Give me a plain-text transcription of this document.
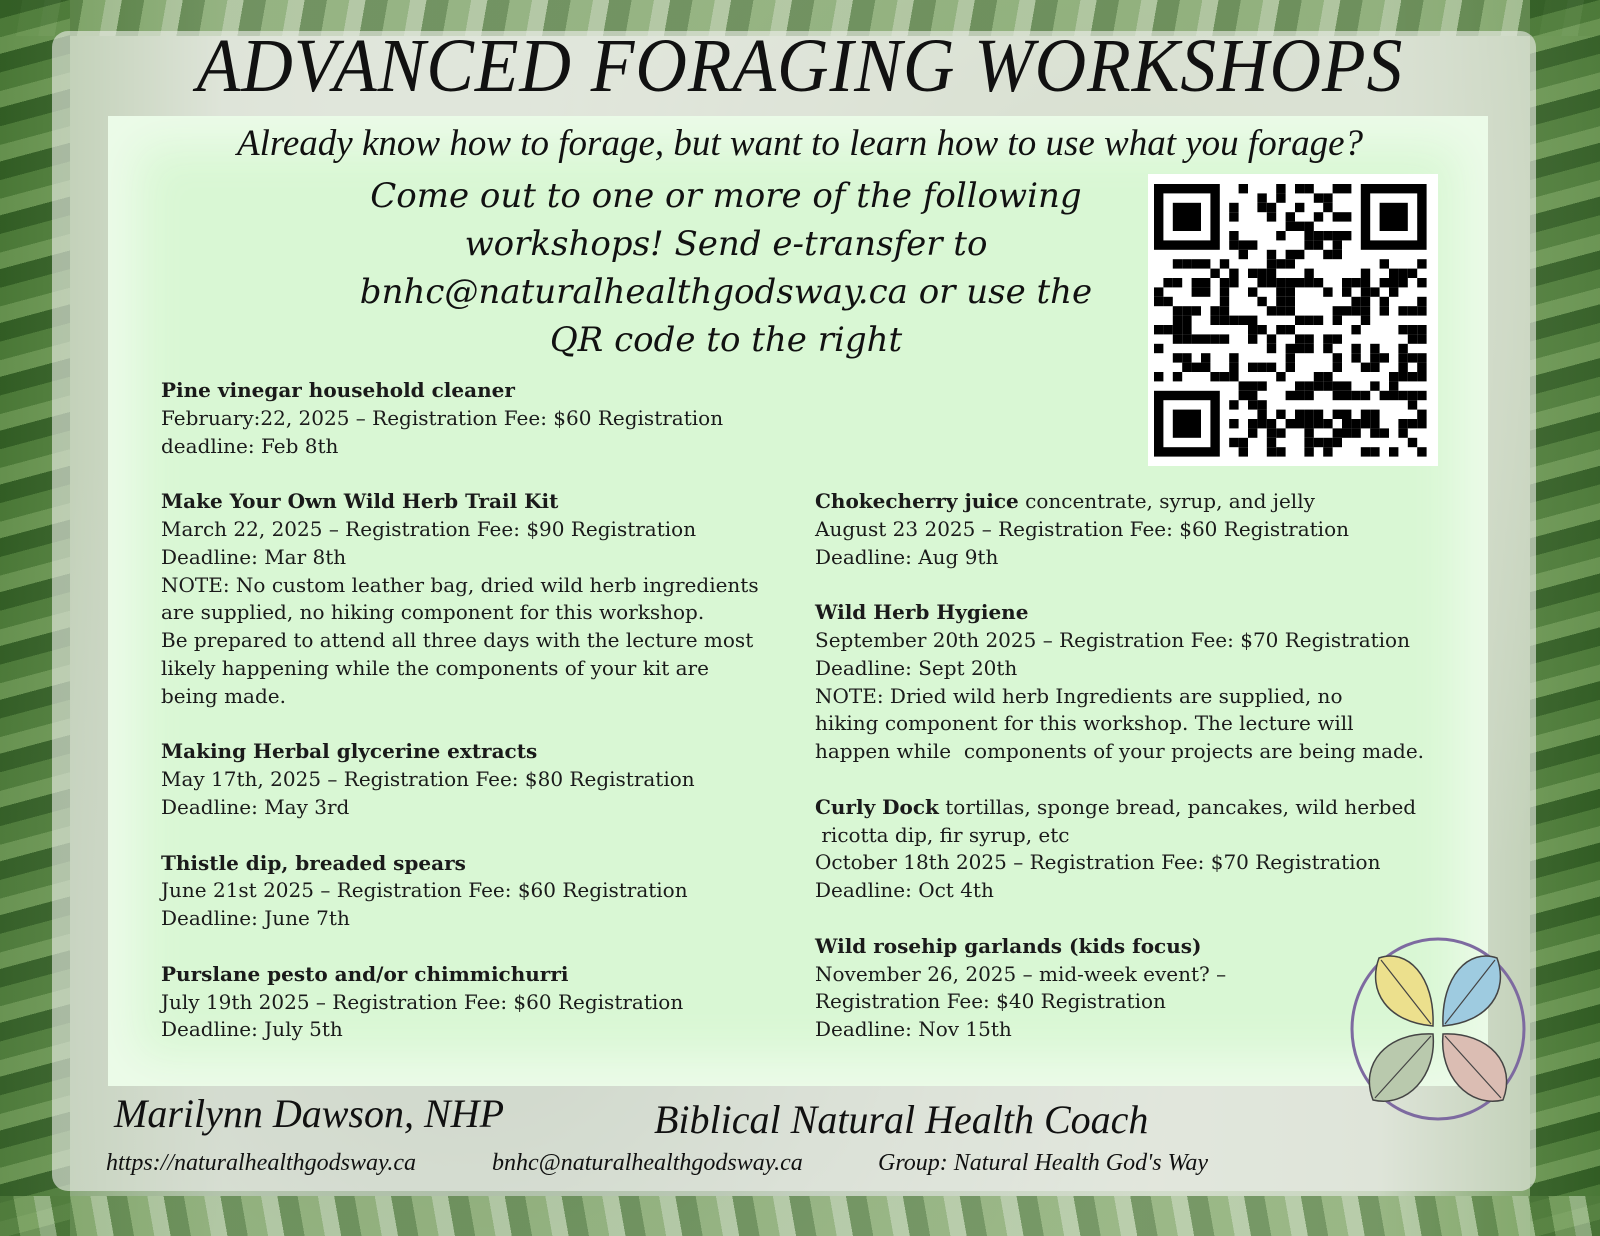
ADVANCED FORAGING WORKSHOPS
Already know how to forage, but want to learn how to use what you forage?
Come out to one or more of the following
workshops! Send e-transfer to
bnhc@naturalhealthgodsway.ca or use the
QR code to the right
Pine vinegar household cleaner
February:22, 2025 – Registration Fee: $60 Registration
deadline: Feb 8th
Make Your Own Wild Herb Trail Kit
March 22, 2025 – Registration Fee: $90 Registration
Deadline: Mar 8th
NOTE: No custom leather bag, dried wild herb ingredients
are supplied, no hiking component for this workshop.
Be prepared to attend all three days with the lecture most
likely happening while the components of your kit are
being made.
Making Herbal glycerine extracts
May 17th, 2025 – Registration Fee: $80 Registration
Deadline: May 3rd
Thistle dip, breaded spears
June 21st 2025 – Registration Fee: $60 Registration
Deadline: June 7th
Purslane pesto and/or chimmichurri
July 19th 2025 – Registration Fee: $60 Registration
Deadline: July 5th
Chokecherry juice concentrate, syrup, and jelly
August 23 2025 – Registration Fee: $60 Registration
Deadline: Aug 9th
Wild Herb Hygiene
September 20th 2025 – Registration Fee: $70 Registration
Deadline: Sept 20th
NOTE: Dried wild herb Ingredients are supplied, no
hiking component for this workshop. The lecture will
happen while  components of your projects are being made.
Curly Dock tortillas, sponge bread, pancakes, wild herbed
ricotta dip, fir syrup, etc
October 18th 2025 – Registration Fee: $70 Registration
Deadline: Oct 4th
Wild rosehip garlands (kids focus)
November 26, 2025 – mid-week event? –
Registration Fee: $40 Registration
Deadline: Nov 15th
Marilynn Dawson, NHP	Biblical Natural Health Coach
https://naturalhealthgodsway.ca	bnhc@naturalhealthgodsway.ca	Group: Natural Health God's Way
